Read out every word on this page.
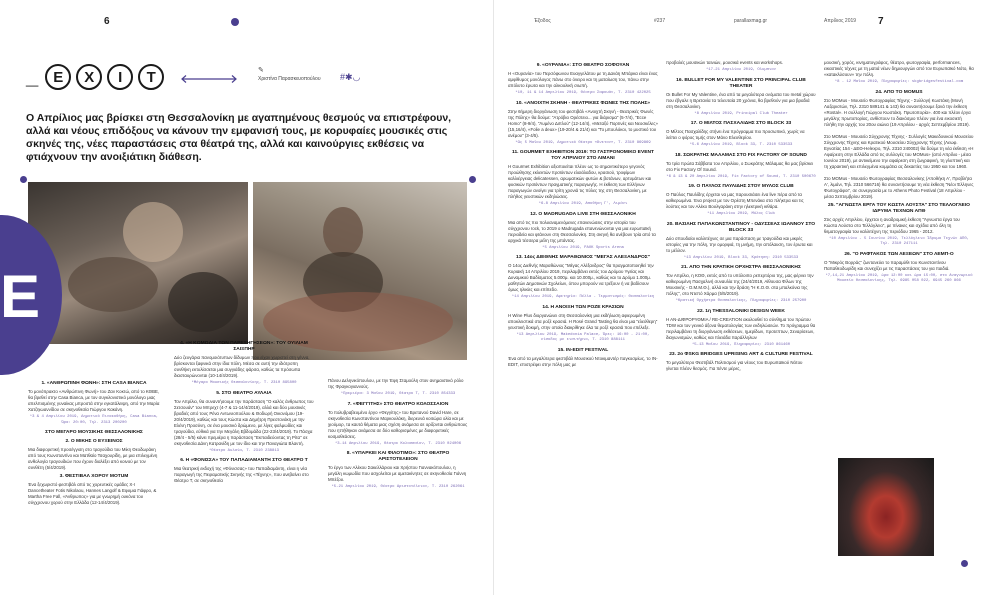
6
_ E	X	I	T	✎
Χριστίνα Παρασκευοπούλου #✱◡
Ο Απρίλιος μας βρίσκει στη Θεσσαλονίκη με αγαπημένους θεσμούς να επιστρέφουν, αλλά και νέους επιδόξους να κάνουν την εμφανισή τους, με κορυφαίες μουσικές στις σκηνές της, νέες παραστάσεις στα θέατρά της, αλλά και καινούργιες εκθέσεις να φτιάχνουν την ανοιξιάτικη διάθεση.
E
1. «ΑΝΘΡΩΠΙΝΗ ΦΩΝΗ»: ΣΤΗ CASA BIANCA

Το μονόπρακτο «Ανθρώπινη Φωνή» του Ζαν Κοκτώ, από το ΚΘΒΕ, θα βρεθεί στην Casa Bianca, με τον συγκλονιστικό μονόλογο μιας απελπισμένης γυναίκας μπροστά στην εγκατάλειψη, από την Μαρία Χατζηιωαννίδου σε σκηνοθεσία Γιώργου Κακάνη.

*3 & 4 Απριλίου 2019, Δημοτικό Πινακοθήκη, Casa Bianca, Ώρα: 20:00, Τηλ. 2313 200200
ΣΤΟ ΜΕΓΑΡΟ ΜΟΥΣΙΚΗΣ ΘΕΣΣΑΛΟΝΙΚΗΣ
2. Ο ΜΙΚΗΣ Ο ΕΥΞΕΙΝΟΣ

Μια διαφορετική προσέγγιση στο τραγούδια του Μίκη Θεοδωράκη από τους Κωνσταντίνο και Ματθαίο Τσαχουρίδη, με μια επιλεγμένη ανθολογία τραγουδιών που έχουν διαλέξει από κοινού με τον συνθέτη (5/4/2019).

3. ΦΕΣΤΙΒΑΛ ΧΟΡΟΥ MOTUM

Ένα ξεχωριστό φεστιβάλ από τις χορευτικές ομάδες X-I Dancetheater Fotis Nikolaou, Hannes Langolf & Εφυμια Γιάφρο, & Martha Free Fall, «Άνθρωπος» για με γνωρημή ουκόνα του σύγχρονου χορού στην Ελλάδα (12-14/4/2019).

4. «Η ΚΩΜΩΔΙΑ ΤΩΝ ΠΑΡΕΞΗΓΗΣΕΩΝ»: ΤΟΥ ΟΥΙΛΙΑΜ ΣΑΙΞΠΗΡ

Δύο ζευγάρια πανομοιότυπων δίδυμων που είχαν χωριστεί στη γέννα, βρίσκονται ξαφνικά στην ίδια πόλη. Μέσα σε αυτή την ιδιότροπη συνθήκη εκτυλίσσεται μια συγγιάδης φάρσα, καθώς τα πρόσωπα διασταυρώνονται (10-14/4/2019).

*Μέγαρο Μουσικής Θεσσαλονίκης, Τ. 2310 895800
5. ΣΤΟ ΘΕΑΤΡΟ ΑΥΛΑΙΑ

Τον Απρίλιο, θα συναντήσουμε την παράσταση "Ο καλός άνθρωπος του Σετσουάν" του Μπρεχτ (4-7 & 11-14/4/2019), αλλά και δύο μουσικές βραδιές από τους Ρένα Αντωνιοπούλου & Θοδωρή Οικονόμου (19-20/4/2019), καθώς και τους Κώστα και Δημήτρη Πρεστονάκη με την Ελένη Προσύνη, σε ένα μουσικό δρώμενο, με λίγες φαλμωδίες και τραγούδια, εύθικά για την Μεγάλη Εβδομάδα (22-23/4/2019). Το Πάσχα (28/4 - 5/5) κάνει πρεμιέρα η παράσταση "Εκπαιδεύοντας τη Ρίτα" σε σκηνοθεσία Δάνη Κατρανίδη με τον ίδιο και την Παναγιώτα Βλαντή.

*Θέατρο Αυλαία, Τ. 2310 238813
6. Η «ΦΟΝΙΣΣΑ» ΤΟΥ ΠΑΠΑΔΙΑΜΑΝΤΗ ΣΤΟ ΘΕΑΤΡΟ Τ

Μια θεατρική εκδοχή της «Φόνισσας» του Παπαδιαμάντη, είναι η νέα παραγωγή της Πειραματικής Σκηνής της «Τέχνης», που ανεβαίνει στο Θέατρο Τ, σε σκηνοθεσία

Πάνου Δεληνικόπουλου, με την Έφη Σταμούλη στον ανημαιστικό ρόλο της Φραγκογιαννούς.

*Πρεμιέρα: 3 Μαΐου 2019, Θέατρο Τ, Τ. 2310 854333
7. «ΦΕΓΓΙΤΗΣ» ΣΤΟ ΘΕΑΤΡΟ ΚΟΛΟΣΣΑΙΟΝ

Το πολυβραβευμένο έργο «Φεγγίτης» του Βρετανού David Hare, σε σκηνοθεσία Κωνσταντίνου Μαρκουλάκη, διερευνά κοιτώρα ολία και με χιούμορ, τα καυτά θέματα μιας σχέση ανάμεσα σε ορίζονται ανθρώπους που ηττήθηκαν ανάμεσα σε δύο καθορισμένες με διαφορετικές κοσμοθεάσεις.

*3-14 Απριλίου 2019, Θέατρο Κολοσσαίον, Τ. 2310 024006
8. «ΥΠΑΡΚΕΙ ΚΑΙ ΦΙΛΟΤΙΜΟ»: ΣΤΟ ΘΕΑΤΡΟ ΑΡΙΣΤΟΤΕΛΕΙΟΝ

Το έργο των Αλέκου Σακελλάριου και Χρήστου Γιαννακόπουλου, η μεγάλη κωμωδία που ασχολείται με αμετακίνητες σε σκηνοθεσία Γιάννη Μπέζου.

*5-21 Απριλίου 2019, Θέατρο Αριστοτέλειον, Τ. 2310 262061
Έξοδος	#237	parallaxmag.gr	Απρίλιος 2019 7
9. «ΟΥΡΑΝΙΑ»: ΣΤΟ ΘΕΑΤΡΟ ΣΟΦΟΥΑΝ

Η «Ουρανία» του Περσόφωνου Ευαγγελάτου με τη Δανάη Μπάρκα είναι ένας αμφίθυμος μονόλογος πάνω στο όνειρο και τη ματαίωση του, πάνω στην απόλυτο έρωτα και την αλκοολική σιωπή.

*10, 11 & 14 Απριλίου 2019, Θέατρο Σοφουάν, Τ. 2310 422025
10. «ΑΝΟΙΧΤΗ ΣΚΗΝΗ - ΘΕΑΤΡΙΚΕΣ ΦΩΝΕΣ ΤΗΣ ΠΟΛΗΣ»

Στην 6ήμερη διοργάνωση του φεστιβάλ «Ανοιχτή Σκηνή - Θεατρικές Φωνές της Πόλης» θα δούμε: "Ατρόβιο Ορέστειο... για διάρισμα" (5-7/4), "Ecce Homo" (8-9/4), "Λυμένο Διπλού" (12-14/4), «Μεταξύ Πορτινές και Νεοσκέλες» (15,16/4), «Folie a deux» (19-20/4 & 21/4) και "Το μπουλόκοι, το μυστικό του ανέμου" (3-4/5).

*Ως 5 Μαΐου 2019, Δημοτικό Θέατρο «Άνετον», Τ. 2310 869869
11. GOURMET EXHIBITION 2019: ΤΟ ΓΑΣΤΡΟΝΟΜΙΚΟ EVENT ΤΟΥ ΑΠΡΙΛΙΟΥ ΣΤΟ ΛΙΜΑΝΙ

Η Gourmet Exhibition αξιοποιείται πλέον ως το σημαντικότερο γεγονός προώθησης εκλεκτών προϊόντων ελαιόλαδου, κρασιού, τροφίμων καλλιέργειας delicatessen, αρωματικών φυτών & βοτάνων, αρτυμάτων και φυσικών προϊόντων πραγματικής παραγωγής. Η έκθεση των Ελλήνων παραγωγών ανοίγει για τρίτη χρονιά τις πύλες της στη Θεσσαλονίκη, με πλήθος γευστικών εκδηλώσεις.

*6-8 Απριλίου 2019, Αποθήκη Γ', Λιμάνι
12. Ο MADRUGADA LIVE ΣΤΗ ΘΕΣΣΑΛΟΝΙΚΗ

Μια από τις πιο πολυαναμενόμενες επανενώσεις στην ιστορία του σύγχρονου rock, το 2019 ο Madrugada επανενώνονται για μια ευρωπαϊκή περιοδεία και φτάνουν στη Θεσσαλονίκη. Στη σκηνή θα ανέβουν τρία από τα αρχικά τέσσερα μέλη της μπάντας.

*5 Απριλίου 2019, PAOK Sports Arena
13. 14ος ΔΙΕΘΝΗΣ ΜΑΡΑΘΩΝΙΟΣ "ΜΕΓΑΣ ΑΛΕΞΑΝΔΡΟΣ"

Ο 14ος Διεθνής Μαραθώνιος "Μέγας Αλέξανδρος" θα πραγματοποιηθεί την Κυριακή 14 Απριλίου 2019, περιλαμβάνει εκτός του Δρόμου Υγείας και Δυναμικού Βαδίσματος 5.000μ. και 10.000μ., καθώς και το Δρόμο 1.000μ. μαθητών Δημοτικών Σχολείων, όπου μπορούν να τρέξουν ή να βαδίσουν όμως ηλικίες και επίπεδο.

*14 Απριλίου 2019, Αφετηρία: Πέλλα - Τερματισμός: Θεσσαλονίκη
14. Η ΑΝΟΙΞΗ ΤΩΝ ΡΟΖΕ ΚΡΑΣΙΩΝ

Η Wine Plus διοργανώνει στη Θεσσαλονίκη μια εκδήλωση αφιερωμένη αποκλειστικά στα ροζέ κρασιά. Η Rosé Grand Tasting θα είναι μια "ελεύθερη" γευστική δοκιμή, στην οποία διακρίθηκε όλα τα ροζέ κρασιά που επέλεξε.

*13 Απριλίου 2019, Makedonia Palace, Ώρες: 16:00 - 21:00, είσοδος με εισιτήριο, Τ. 2310 888111
15. IN-EDIT FESTIVAL

Ένα από τα μεγαλύτερα φεστιβάλ Μουσικού Ντοκιμαντέρ παγκοσμίως, το IN-EDIT, επιστρέφει στην πόλη μας με

προβολές μουσικών ταινιών, μουσικά events και workshops.

*17-21 Απριλίου 2019, Ολυμπιον
16. BULLET FOR MY VALENTINE ΣΤΟ PRINCIPAL CLUB THEATER

Οι Bullet For My Valentine, ένα από τα μεγαλύτερα ονόματα του metal χώρου που έβγαλε η Βρετανία τα τελευταία 20 χρόνια, θα βρεθούν για μια βραδιά στη Θεσσαλονίκη.

*8 Απριλίου 2019, Principal Club Theater
17. Ο ΜΙΛΤΟΣ ΠΑΣΧΑΛΙΔΗΣ ΣΤΟ BLOCK 33

Ο Μίλτος Πασχαλίδης στήνει ένα πρόγραμμα πιο προσωπικό, χωρίς να λείπει ο φόρος τιμής στον Μάνο Ελευθερίου.

*5-6 Απριλίου 2019, Block 33, Τ. 2310 533533
18. ΣΩΚΡΑΤΗΣ ΜΑΛΑΜΑΣ ΣΤΟ FIX FACTORY OF SOUND

Τα τρία πρώτα Σάββατα του Απριλίου, ο Σωκράτης Μάλαμας θα μας βρίσκει στο Fix Factory Of Sound.

*6 & 13 & 20 Απριλίου 2019, Fix Factory of Sound, Τ. 2310 500670
19. Ο ΠΑΥΛΟΣ ΠΑΥΛΙΔΗΣ ΣΤΟΥ ΜΥΛΟΣ CLUB

Ο Παύλος Παυλίδης έρχεται να μας παρουσιάσει ένα live πέρα από τα καθιερωμένα. Ένα project με τον Ορέστη Μπενάκα στα πλήκτρα και τις λούπες και τον Αλέκο Βουλγαράκη στην ηλεκτρική κιθάρα.

*11 Απριλίου 2019, Μύλος Club
20. ΒΑΣΙΛΗΣ ΠΑΠΑΚΩΝΣΤΑΝΤΙΝΟΥ - ΟΔΥΣΣΕΑΣ ΙΩΑΝΝΟΥ ΣΤΟ BLOCK 33

Δύο σπουδαίοι καλλιτέχνες σε μια παράσταση με τραγούδια και μικρές ιστορίες για την πόλη, την ομορφιά, τη μνήμη, την απόλαυση, τον έρωτα και το μέλλον.

*13 Απριλίου 2019, Block 33, Κράτηση: 2310 533533
21. ΑΠΟ ΤΗΝ ΚΡΑΤΙΚΗ ΟΡΧΗΣΤΡΑ ΘΕΣΣΑΛΟΝΙΚΗΣ

Τον Απρίλιο, η ΚΟΘ, εκτός από το υπόλοιπο ρεπερτόριο της, μας φέρνει την καθιερωμένη Πασχαλινή συναυλία της (24/4/2019, Αίθουσα Φίλων της Μουσικής - Ο.Μ.Μ.Θ.), αλλά και την δράση "Η Κ.Ο.Θ. στα μπαλκόνια της πόλης", στο Ντεπό Χάρμα (5/5/2019).

*Κρατική Ορχήστρα Θεσσαλονίκης, Πληροφορίες: 2310 257900
22. 1η THESSALONIKI DESIGN WEEK

Η ΑΝ-ΔΙΦΡΟΡΥΘΜΙΑ / RE-CREATION ακολουθεί το σύνθημα του πρώτου TDW και τον γενικό άξονα θεματολογίας των εκδηλώσεών. Το πρόγραμμα θα περιλαμβάνει τη διοργάνωση εκθέσεων, ημερίδων, προτεπτων, Σεναρίσεων, διαγωνισμών, καθώς και πλειάδα παράλληλων

*5-13 Μαΐου 2019, Πληροφορίες: 2310 861460
23. 2ο ΦSKG BRIDGES UPRISING ART & CULTURE FESTIVAL

Το μεγαλύτερο Φεστιβάλ Πολιτισμού για νέους του Ευρωπαϊκού Νότου γίνεται πλέον θεσμός. Για πέντε μέρες,

μουσική, χορός, κινηματογράφος, θέατρο, φωτογραφία, performances, εικαστικές τέχνες με τη ματιά νέων δημιουργών από τον Ευρωπαϊκό Νότο, θα «κατακλύσουν» την πόλη.

*8 - 12 Μαΐου 2019, Πληροφορίες: skgbridgesfestival.com
24. ΑΠΟ ΤΟ MOMUS

Στο MOMus - Μουσείο Φωτογραφίας Τέχνης - Συλλογή Κωστάκη (Μονή Λαζαριστών, Τηλ. 2310 589141 & 143) θα συναντήσουμε ξανά την έκθεση «Rostal». Η συλλογή Γιώργου Κωστάκη. Πρωτοπορία». 400 και πλέον έργα μεγάλης πρωτοπορίας, ανθίστουν το διακόσμιο πλέον για ένα εικοσιετή πλήθη την αρχής του 20ου αιώνα (19 Απριλίου - αρχές Σεπτεμβρίου 2019).

Στο MOMus - Μουσείο Σύγχρονης Τέχνης - Συλλογές Μακεδονικού Μουσείου Σύγχρονης Τέχνης και Κρατικού Μουσείου Σύγχρονης Τέχνης (Λεωφ. Εγνατίας 154 - ΔΕΘ-Helexpo, Τηλ. 2310 240002) θα δούμε τη νέα έκθεση «Η Αφαίρεση στην Ελλάδα από τις συλλογές του MOMus» (από Απρίλιο - μέσα Ιουνίου 2019), με αντικείμενο την αφαίρεση στη ζωγραφική, τη γλυπτική και τη χαρακτική και επιλεγμένα κομμάτια ας δεκαετίες του 1950 και του 1960.

Στο MOMus - Μουσείο Φωτογραφίας Θεσσαλονίκης (Αποθήκη Α', Προβλήτα Α', λιμάνι, Τηλ. 2310 566716) θα συναντήσουμε τη νέα έκθεση "Νέοι Έλληνες Φωτογράφοι", σε συνεργασία με το Athens Photo Festival (18 Απριλίου - μέσα Σεπτεμβρίου 2019).

25. "ΑΓΝΩΣΤΑ ΕΡΓΑ ΤΟΥ ΚΩΣΤΑ ΛΟΥΣΤΑ" ΣΤΟ ΤΕΛΛΟΓΛΕΙΟ ΙΔΡΥΜΑ ΤΕΧΝΩΝ ΑΠΘ

Στις αρχές Απριλίου, έρχεται η αναδρομική έκθεση "Άγνωστα έργα του Κώστα Λούστα στο Τελλόγλειο", με πίνακες και σχέδια από όλη τη θεματογραφία του καλλιτέχνη της περιόδου 1965 - 2012.

*10 Απριλίου - 5 Ιουνίου 2019, Τελλόγλειο Ίδρυμα Τεχνών ΑΠΘ, Τηλ. 2310 247111
26. "Ο ΡΑΦΤΑΚΟΣ ΤΩΝ ΛΕΞΕΩΝ" ΣΤΟ ΛΕΜΠ-Ο

Ο "Μικρός Βορράς" ζωντανεύει το παραμύθι του Κωνσταντίνου Παπαθεοδωρίδη και συνεχίζει με τις παραστάσεις του για παιδιά.

*7,14,21 Απριλίου 2019, ώρα 12:00 και ώρα 15:00, στο Αναγνωρικό Μουσείο Θεσσαλονίκης, Τηλ. 6985 058 022, 6945 260 866
